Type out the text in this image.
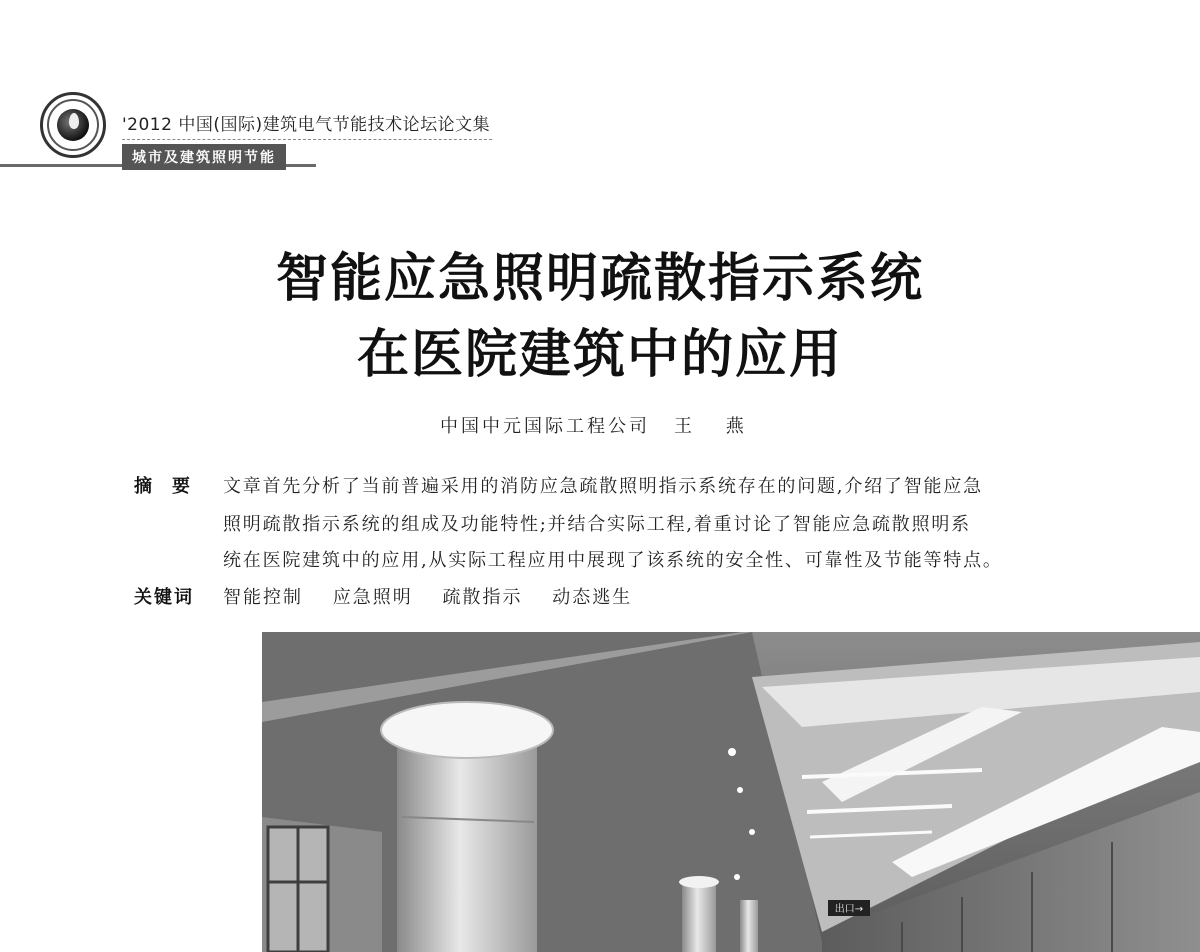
'2012 中国(国际)建筑电气节能技术论坛论文集
城市及建筑照明节能
智能应急照明疏散指示系统
在医院建筑中的应用
中国中元国际工程公司 王 燕
摘要 文章首先分析了当前普遍采用的消防应急疏散照明指示系统存在的问题,介绍了智能应急
照明疏散指示系统的组成及功能特性;并结合实际工程,着重讨论了智能应急疏散照明系
统在医院建筑中的应用,从实际工程应用中展现了该系统的安全性、可靠性及节能等特点。
关键词 智能控制 应急照明 疏散指示 动态逃生
出口→
